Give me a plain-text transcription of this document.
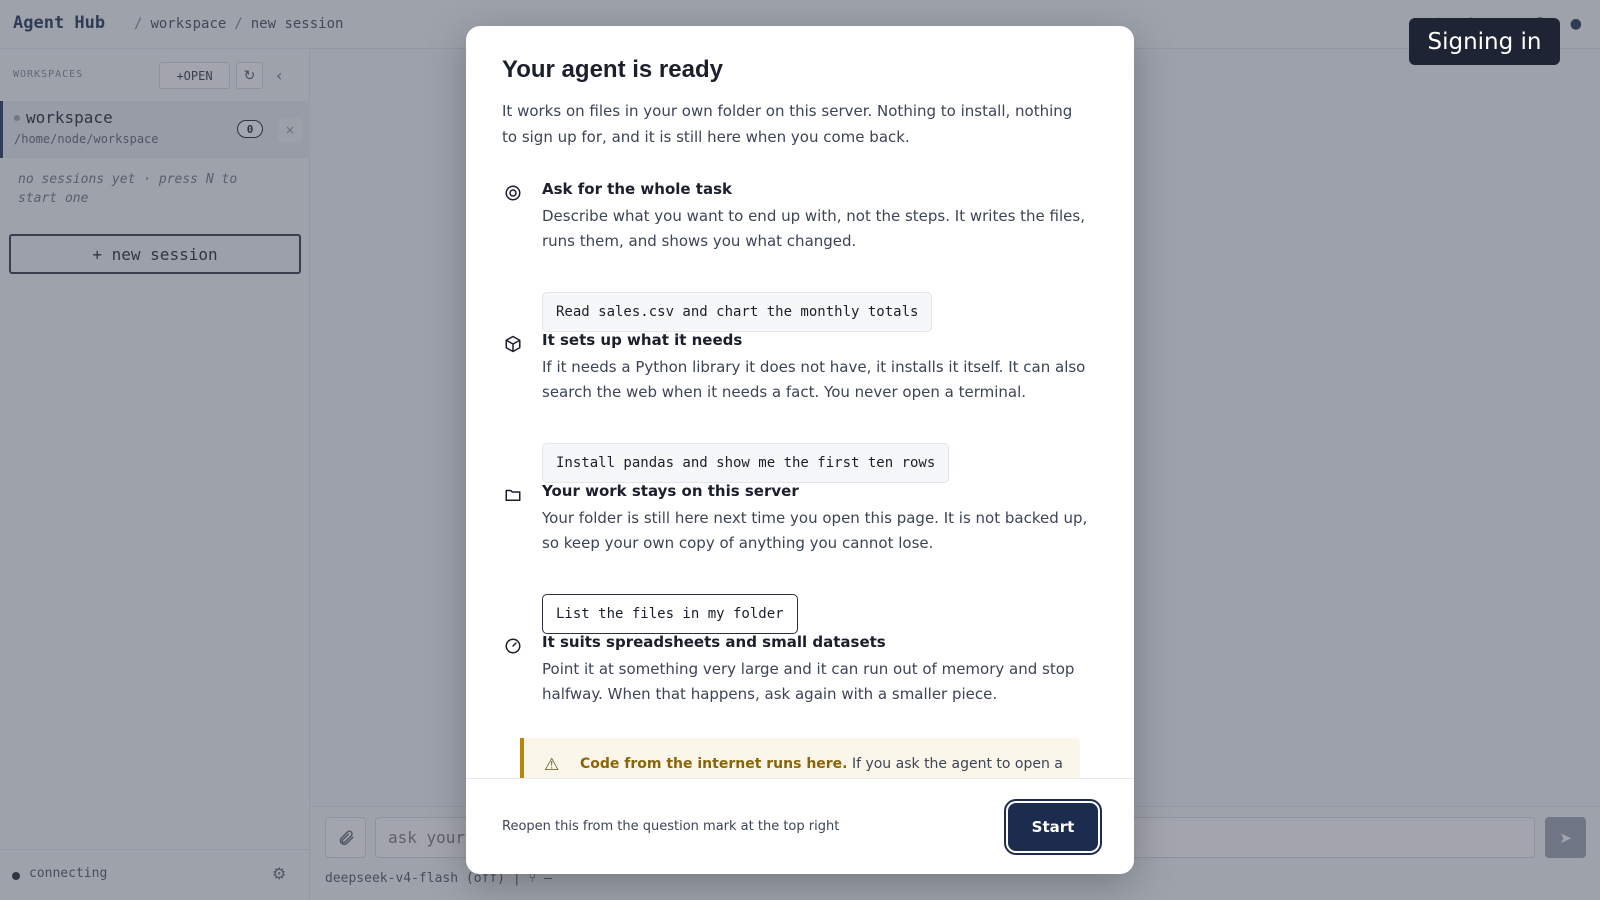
Signing in
ask your
Your agent is ready
It works on files in your own folder on this server. Nothing to install, nothing to sign up for, and it is still here when you come back.
Ask for the whole task
Describe what you want to end up with, not the steps. It writes the files, runs them, and shows you what changed.
Read sales.csv and chart the monthly totals
It sets up what it needs
If it needs a Python library it does not have, it installs it itself. It can also search the web when it needs a fact. You never open a terminal.
Install pandas and show me the first ten rows
Your work stays on this server
Your folder is still here next time you open this page. It is not backed up, so keep your own copy of anything you cannot lose.
List the files in my folder
It suits spreadsheets and small datasets
Point it at something very large and it can run out of memory and stop halfway. When that happens, ask again with a smaller piece.
⚠ Code from the internet runs here. If you ask the agent to open a
Reopen this from the question mark at the top right	Start
